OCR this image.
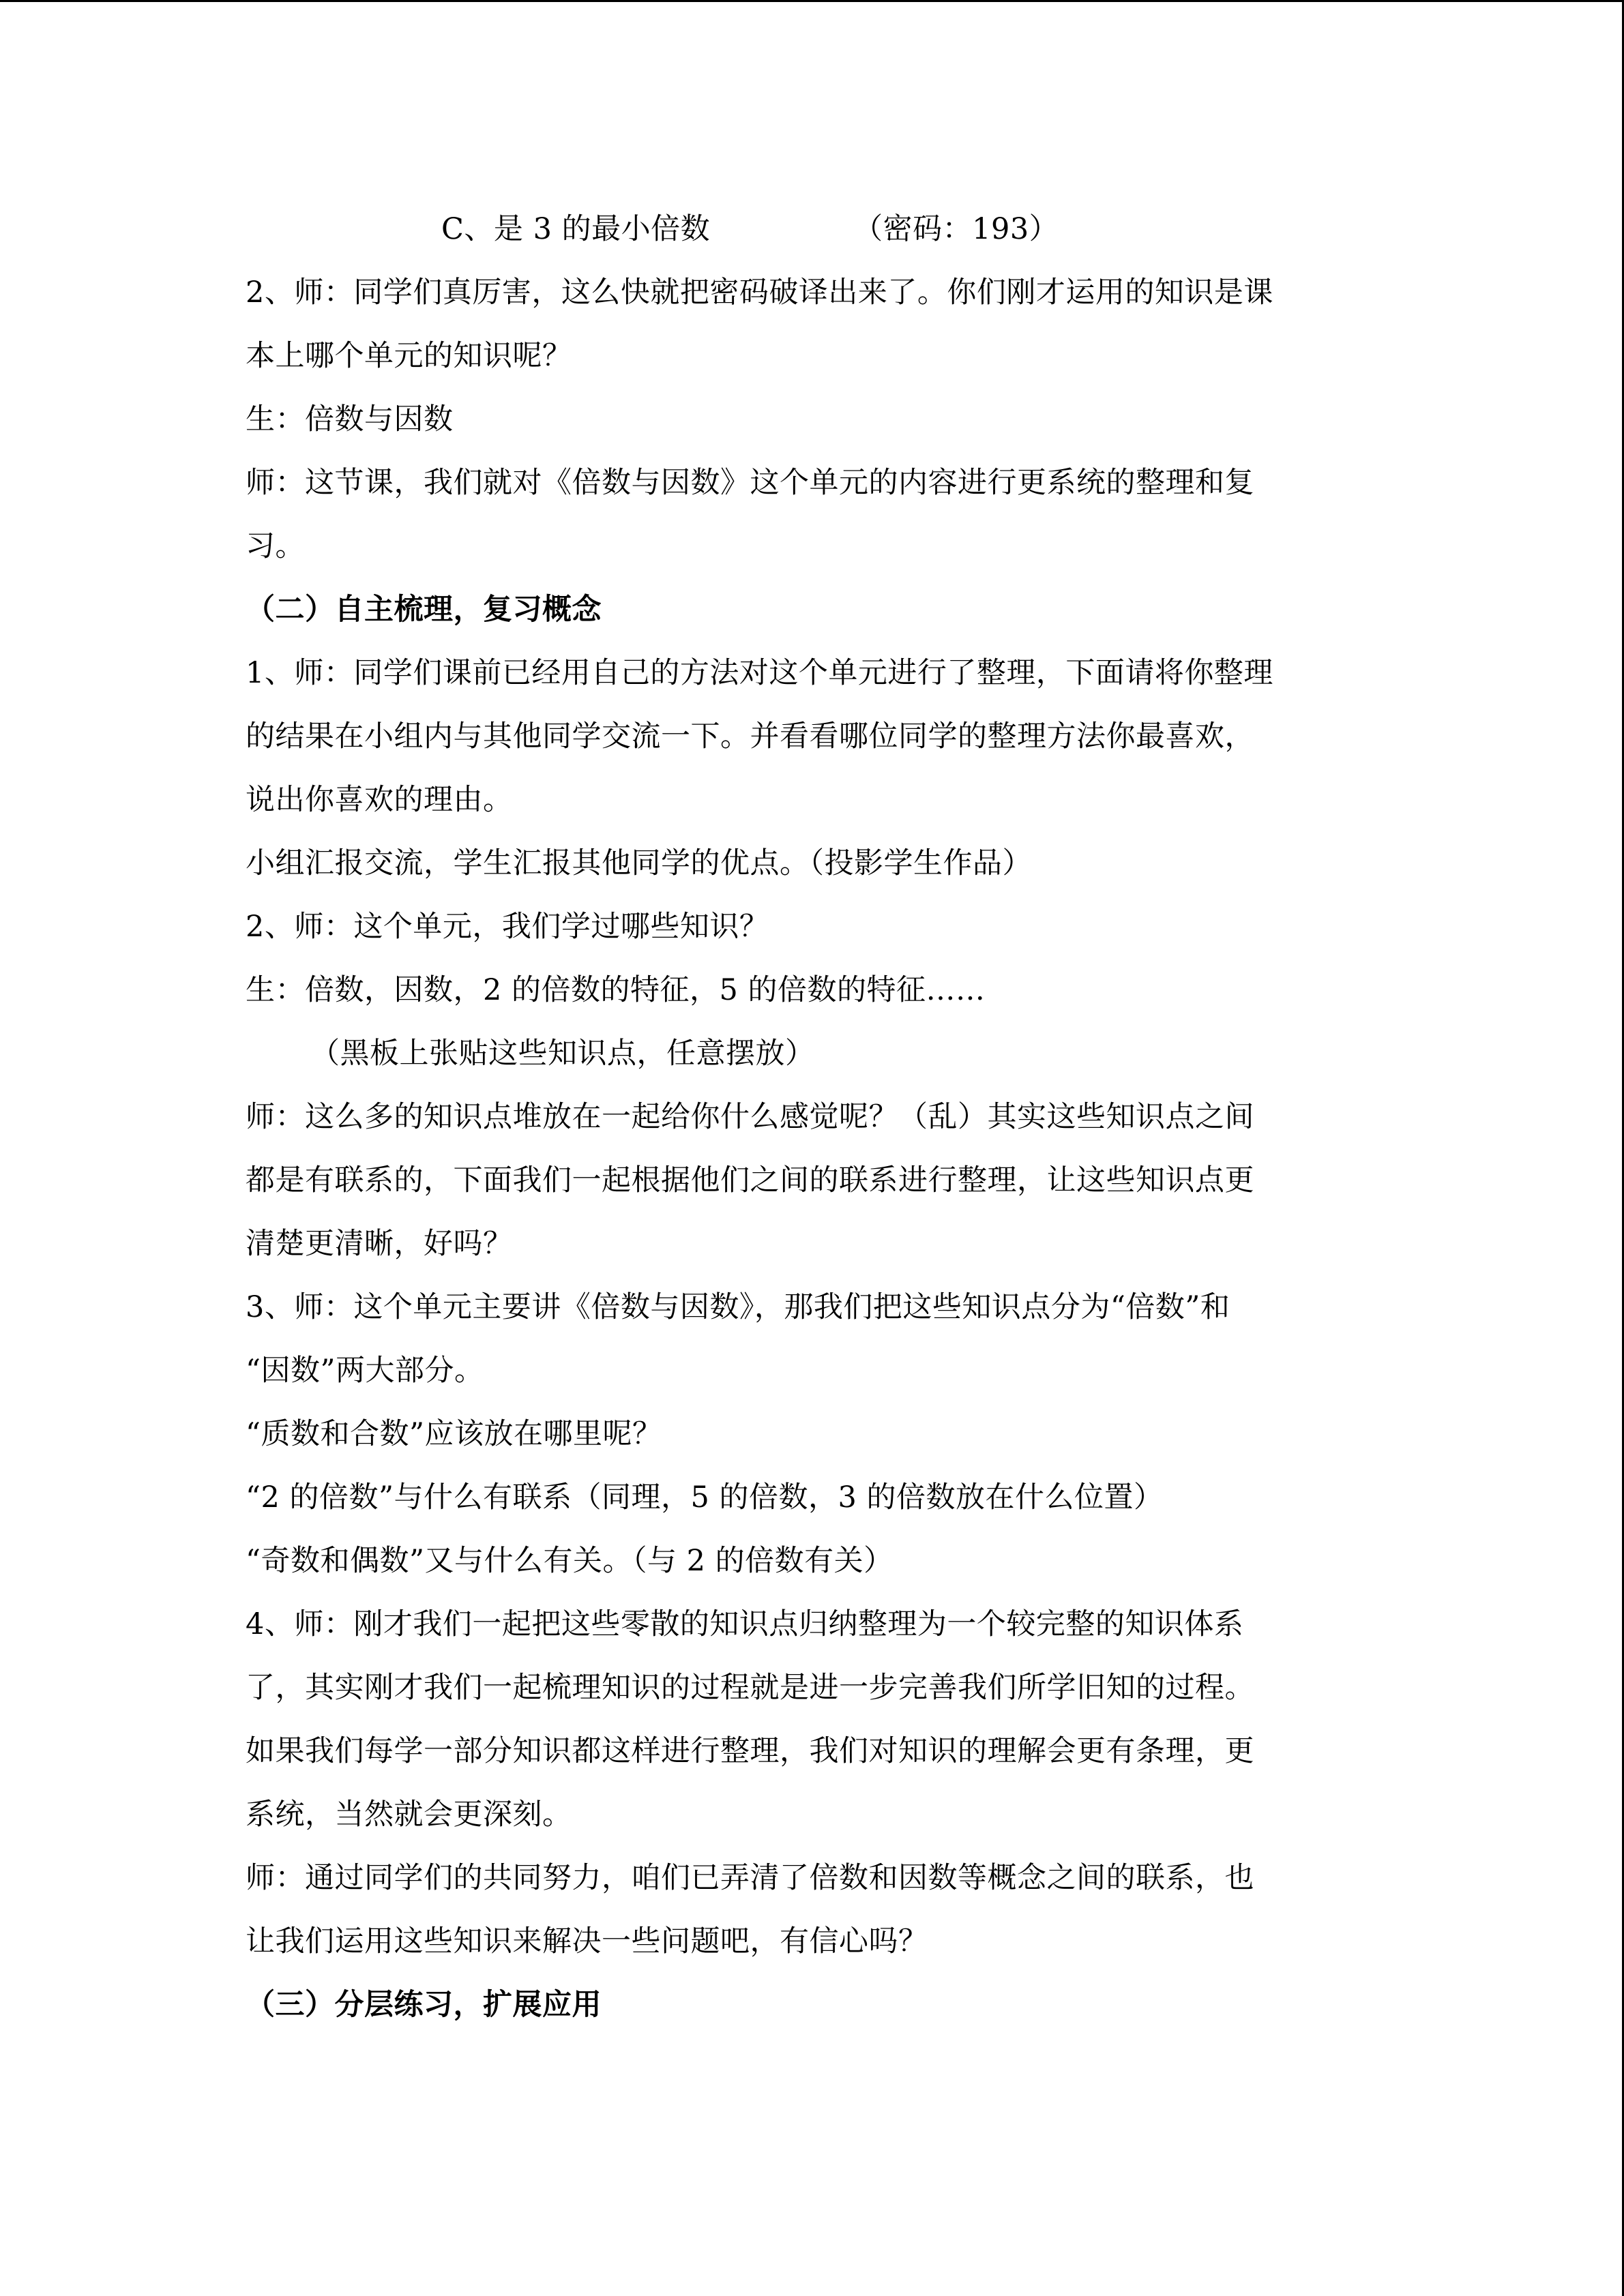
C、是 3 的最小倍数	（密码：193）
2、师：同学们真厉害，这么快就把密码破译出来了。你们刚才运用的知识是课
本上哪个单元的知识呢？
生：倍数与因数
师：这节课，我们就对《倍数与因数》这个单元的内容进行更系统的整理和复
习。
（二）自主梳理，复习概念
1、师：同学们课前已经用自己的方法对这个单元进行了整理，下面请将你整理
的结果在小组内与其他同学交流一下。并看看哪位同学的整理方法你最喜欢，
说出你喜欢的理由。
小组汇报交流，学生汇报其他同学的优点。（投影学生作品）
2、师：这个单元，我们学过哪些知识？
生：倍数，因数，2 的倍数的特征，5 的倍数的特征……
（黑板上张贴这些知识点，任意摆放）
师：这么多的知识点堆放在一起给你什么感觉呢？（乱）其实这些知识点之间
都是有联系的，下面我们一起根据他们之间的联系进行整理，让这些知识点更
清楚更清晰，好吗？
3、师：这个单元主要讲《倍数与因数》，那我们把这些知识点分为“倍数”和
“因数”两大部分。
“质数和合数”应该放在哪里呢？
“2 的倍数”与什么有联系（同理，5 的倍数，3 的倍数放在什么位置）
“奇数和偶数”又与什么有关。（与 2 的倍数有关）
4、师：刚才我们一起把这些零散的知识点归纳整理为一个较完整的知识体系
了，其实刚才我们一起梳理知识的过程就是进一步完善我们所学旧知的过程。
如果我们每学一部分知识都这样进行整理，我们对知识的理解会更有条理，更
系统，当然就会更深刻。
师：通过同学们的共同努力，咱们已弄清了倍数和因数等概念之间的联系，也
让我们运用这些知识来解决一些问题吧，有信心吗？
（三）分层练习，扩展应用
